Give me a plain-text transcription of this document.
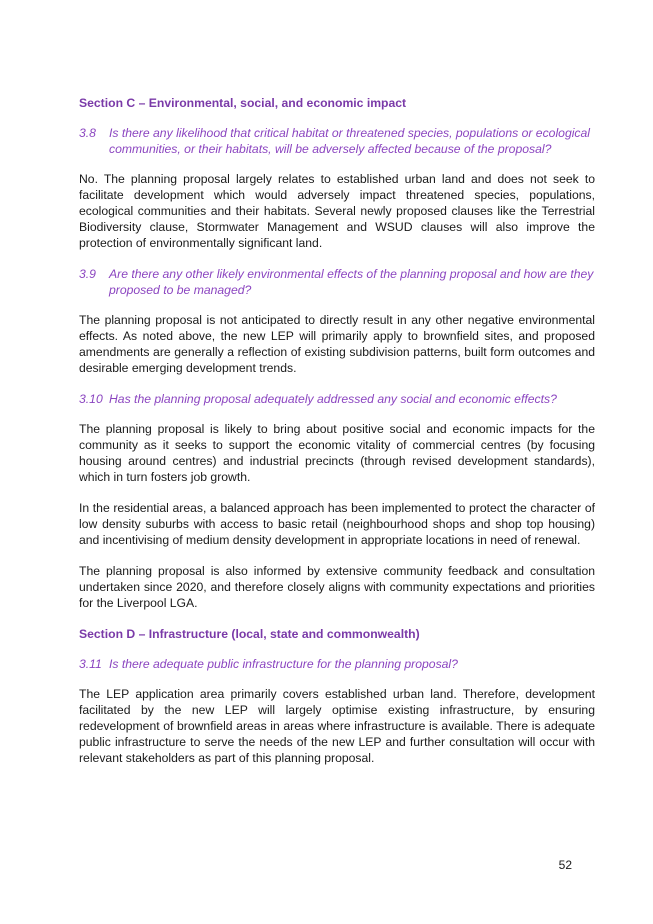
Section C – Environmental, social, and economic impact
3.8	Is there any likelihood that critical habitat or threatened species, populations or ecological communities, or their habitats, will be adversely affected because of the proposal?

No. The planning proposal largely relates to established urban land and does not seek to facilitate development which would adversely impact threatened species, populations, ecological communities and their habitats. Several newly proposed clauses like the Terrestrial Biodiversity clause, Stormwater Management and WSUD clauses will also improve the protection of environmentally significant land.

3.9	Are there any other likely environmental effects of the planning proposal and how are they proposed to be managed?

The planning proposal is not anticipated to directly result in any other negative environmental effects. As noted above, the new LEP will primarily apply to brownfield sites, and proposed amendments are generally a reflection of existing subdivision patterns, built form outcomes and desirable emerging development trends.

3.10 Has the planning proposal adequately addressed any social and economic effects?

The planning proposal is likely to bring about positive social and economic impacts for the community as it seeks to support the economic vitality of commercial centres (by focusing housing around centres) and industrial precincts (through revised development standards), which in turn fosters job growth.

In the residential areas, a balanced approach has been implemented to protect the character of low density suburbs with access to basic retail (neighbourhood shops and shop top housing) and incentivising of medium density development in appropriate locations in need of renewal.

The planning proposal is also informed by extensive community feedback and consultation undertaken since 2020, and therefore closely aligns with community expectations and priorities for the Liverpool LGA.

Section D – Infrastructure (local, state and commonwealth)
3.11 Is there adequate public infrastructure for the planning proposal?

The LEP application area primarily covers established urban land. Therefore, development facilitated by the new LEP will largely optimise existing infrastructure, by ensuring redevelopment of brownfield areas in areas where infrastructure is available. There is adequate public infrastructure to serve the needs of the new LEP and further consultation will occur with relevant stakeholders as part of this planning proposal.

52
